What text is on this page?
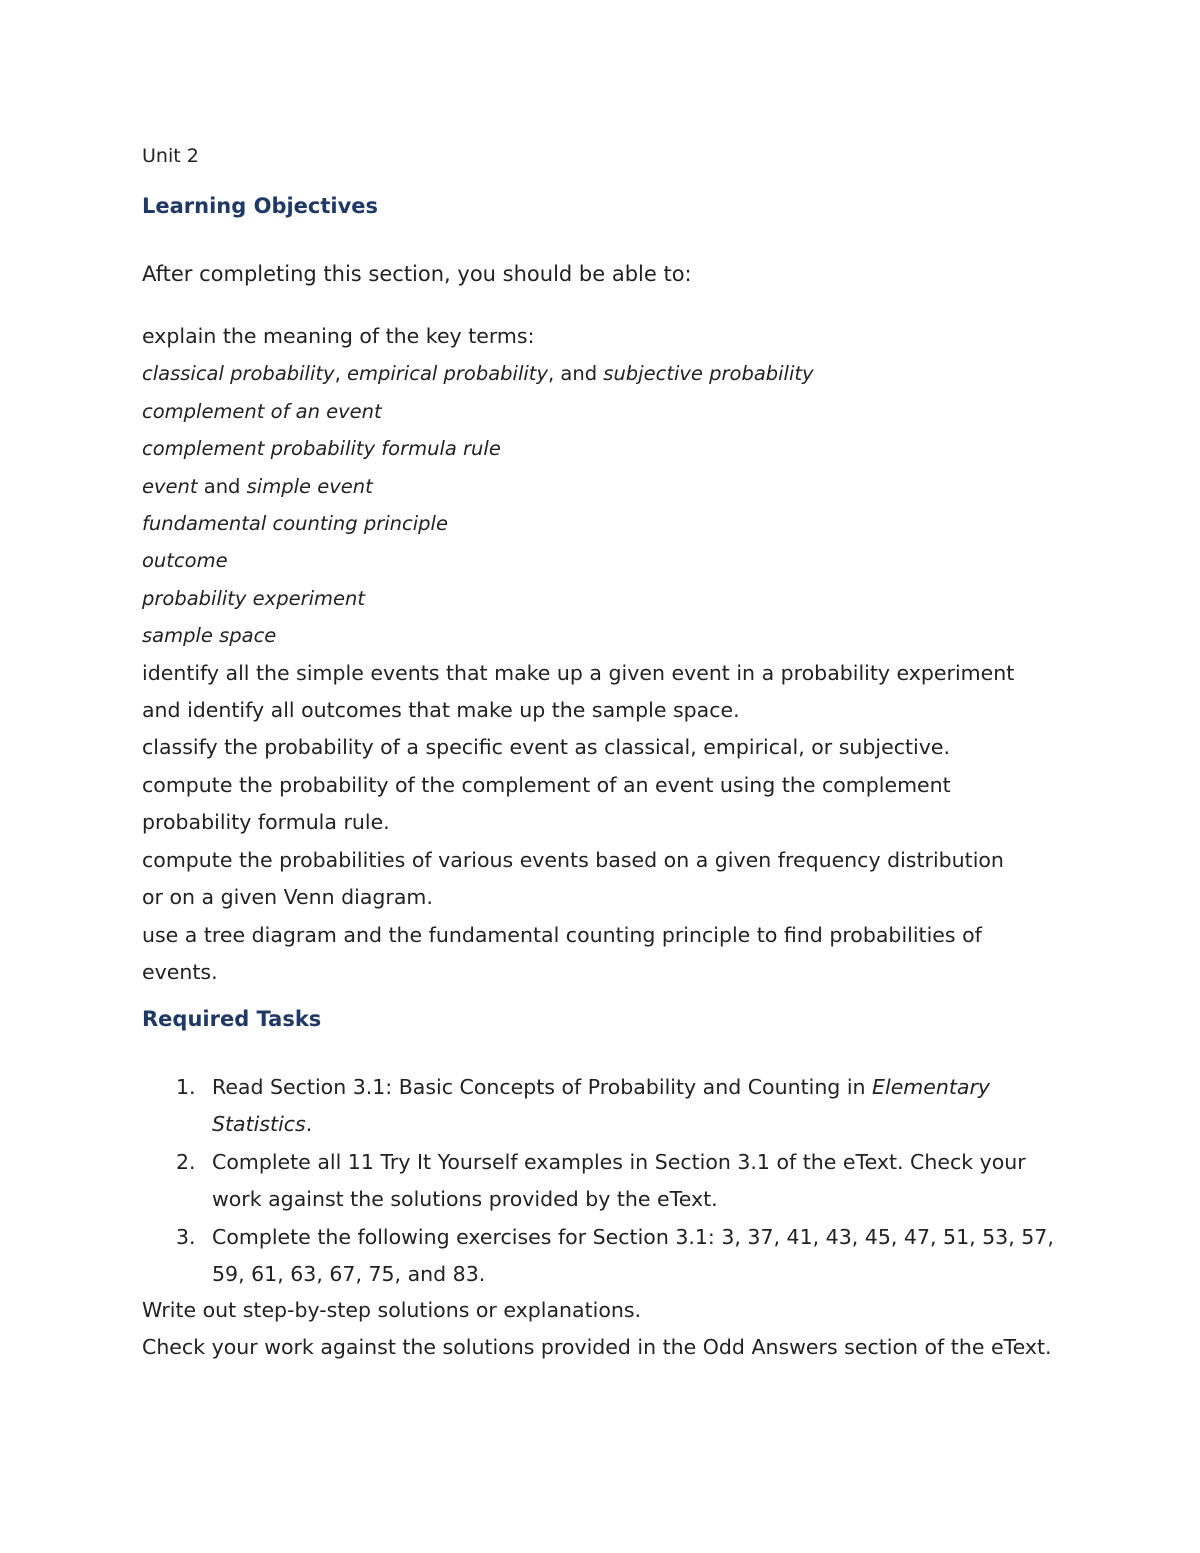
Unit 2
Learning Objectives
After completing this section, you should be able to:
explain the meaning of the key terms:
classical probability, empirical probability, and subjective probability
complement of an event
complement probability formula rule
event and simple event
fundamental counting principle
outcome
probability experiment
sample space
identify all the simple events that make up a given event in a probability experiment
and identify all outcomes that make up the sample space.
classify the probability of a specific event as classical, empirical, or subjective.
compute the probability of the complement of an event using the complement
probability formula rule.
compute the probabilities of various events based on a given frequency distribution
or on a given Venn diagram.
use a tree diagram and the fundamental counting principle to find probabilities of
events.
Required Tasks
1. Read Section 3.1: Basic Concepts of Probability and Counting in Elementary Statistics.
2. Complete all 11 Try It Yourself examples in Section 3.1 of the eText. Check your work against the solutions provided by the eText.
3. Complete the following exercises for Section 3.1: 3, 37, 41, 43, 45, 47, 51, 53, 57, 59, 61, 63, 67, 75, and 83.
Write out step-by-step solutions or explanations.
Check your work against the solutions provided in the Odd Answers section of the eText.
